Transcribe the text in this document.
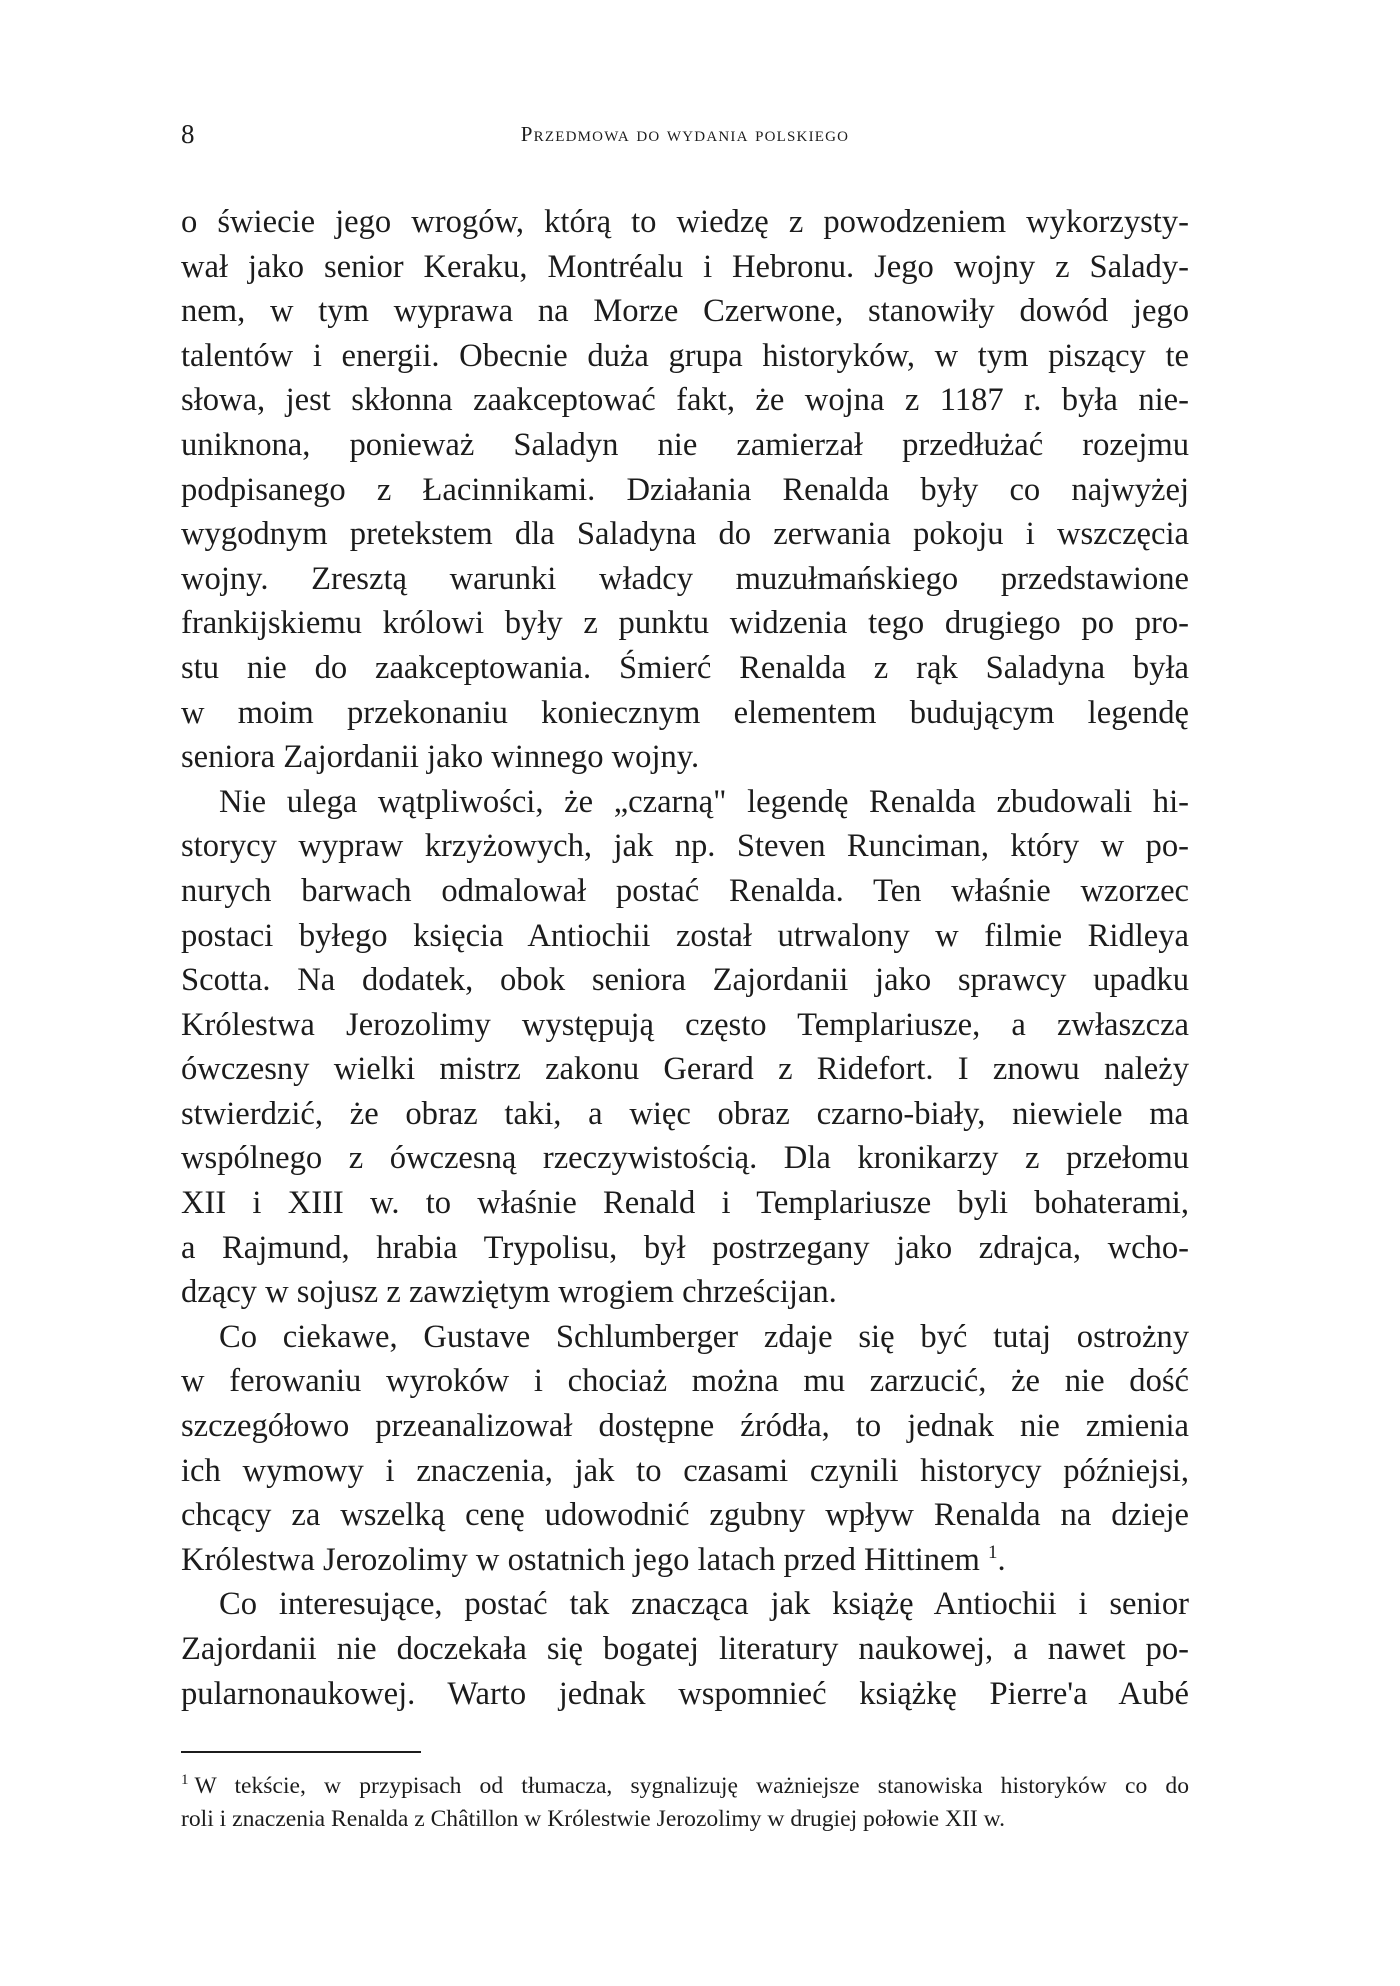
8	Przedmowa do wydania polskiego

o świecie jego wrogów, którą to wiedzę z powodzeniem wykorzysty-
wał jako senior Keraku, Montréalu i Hebronu. Jego wojny z Salady-
nem, w tym wyprawa na Morze Czerwone, stanowiły dowód jego
talentów i energii. Obecnie duża grupa historyków, w tym piszący te
słowa, jest skłonna zaakceptować fakt, że wojna z 1187 r. była nie-
uniknona, ponieważ Saladyn nie zamierzał przedłużać rozejmu
podpisanego z Łacinnikami. Działania Renalda były co najwyżej
wygodnym pretekstem dla Saladyna do zerwania pokoju i wszczęcia
wojny. Zresztą warunki władcy muzułmańskiego przedstawione
frankijskiemu królowi były z punktu widzenia tego drugiego po pro-
stu nie do zaakceptowania. Śmierć Renalda z rąk Saladyna była
w moim przekonaniu koniecznym elementem budującym legendę
seniora Zajordanii jako winnego wojny.

Nie ulega wątpliwości, że „czarną" legendę Renalda zbudowali hi-
storycy wypraw krzyżowych, jak np. Steven Runciman, który w po-
nurych barwach odmalował postać Renalda. Ten właśnie wzorzec
postaci byłego księcia Antiochii został utrwalony w filmie Ridleya
Scotta. Na dodatek, obok seniora Zajordanii jako sprawcy upadku
Królestwa Jerozolimy występują często Templariusze, a zwłaszcza
ówczesny wielki mistrz zakonu Gerard z Ridefort. I znowu należy
stwierdzić, że obraz taki, a więc obraz czarno-biały, niewiele ma
wspólnego z ówczesną rzeczywistością. Dla kronikarzy z przełomu
XII i XIII w. to właśnie Renald i Templariusze byli bohaterami,
a Rajmund, hrabia Trypolisu, był postrzegany jako zdrajca, wcho-
dzący w sojusz z zawziętym wrogiem chrześcijan.

Co ciekawe, Gustave Schlumberger zdaje się być tutaj ostrożny
w ferowaniu wyroków i chociaż można mu zarzucić, że nie dość
szczegółowo przeanalizował dostępne źródła, to jednak nie zmienia
ich wymowy i znaczenia, jak to czasami czynili historycy późniejsi,
chcący za wszelką cenę udowodnić zgubny wpływ Renalda na dzieje
Królestwa Jerozolimy w ostatnich jego latach przed Hittinem $^1$.

Co interesujące, postać tak znacząca jak książę Antiochii i senior
Zajordanii nie doczekała się bogatej literatury naukowej, a nawet po-
pularnonaukowej. Warto jednak wspomnieć książkę Pierre'a Aubé

$^1$ W tekście, w przypisach od tłumacza, sygnalizuję ważniejsze stanowiska historyków co do
roli i znaczenia Renalda z Châtillon w Królestwie Jerozolimy w drugiej połowie XII w.
